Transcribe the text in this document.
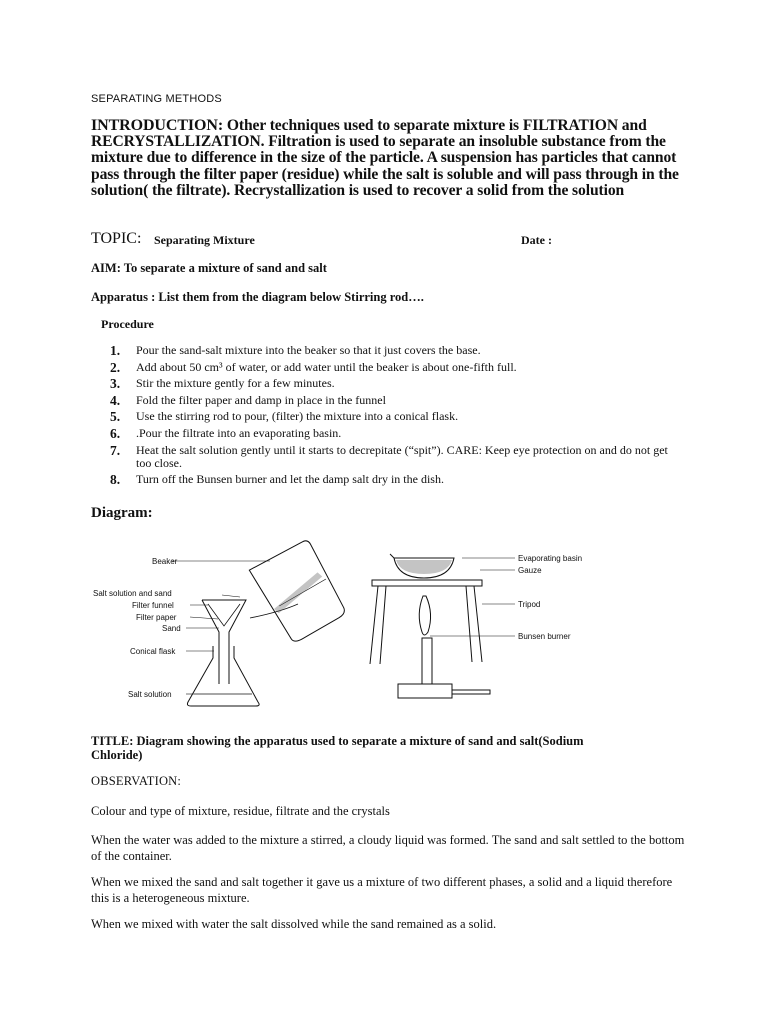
SEPARATING METHODS
INTRODUCTION: Other techniques used to separate mixture is FILTRATION and RECRYSTALLIZATION. Filtration is used to separate an insoluble substance from the mixture due to difference in the size of the particle. A suspension has particles that cannot pass through the filter paper (residue) while the salt is soluble and will pass through in the solution( the filtrate). Recrystallization is used to recover a solid from the solution
TOPIC: Separating Mixture	Date :
AIM: To separate a mixture of sand and salt
Apparatus : List them from the diagram below Stirring rod….
Procedure
1.	Pour the sand-salt mixture into the beaker so that it just covers the base.
2.	Add about 50 cm³ of water, or add water until the beaker is about one-fifth full.
3.	Stir the mixture gently for a few minutes.
4.	Fold the filter paper and damp in place in the funnel
5.	Use the stirring rod to pour, (filter) the mixture into a conical flask.
6.	.Pour the filtrate into an evaporating basin.
7.	Heat the salt solution gently until it starts to decrepitate (“spit”). CARE: Keep eye protection on and do not get too close.
8.	Turn off the Bunsen burner and let the damp salt dry in the dish.
Diagram:
Beaker
Salt solution and sand
Filter funnel
Filter paper
Sand
Conical flask
Salt solution
Evaporating basin
Gauze
Tripod
Bunsen burner
TITLE: Diagram showing the apparatus used to separate a mixture of sand and salt(Sodium Chloride)
OBSERVATION:
Colour and type of mixture, residue, filtrate and the crystals
When the water was added to the mixture a stirred, a cloudy liquid was formed. The sand and salt settled to the bottom of the container.
When we mixed the sand and salt together it gave us a mixture of two different phases, a solid and a liquid therefore this is a heterogeneous mixture.
When we mixed with water the salt dissolved while the sand remained as a solid.
